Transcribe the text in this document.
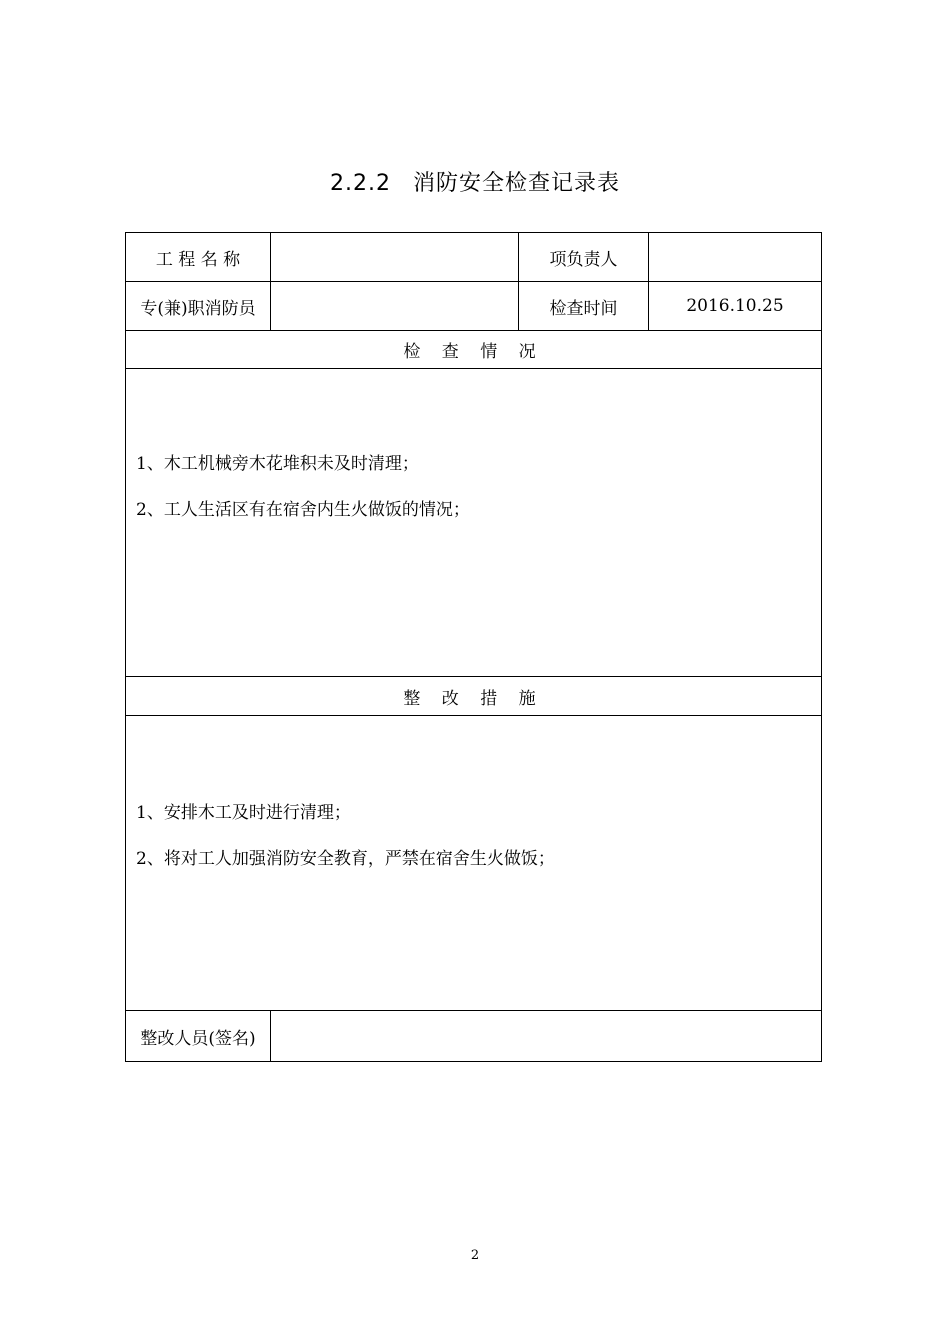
2.2.2 消防安全检查记录表
工 程 名 称		项负责人	
专(兼)职消防员		检查时间	2016.10.25
检 查 情 况			

1、木工机械旁木花堆积未及时清理；
2、工人生活区有在宿舍内生火做饭的情况；			

整 改 措 施			

1、安排木工及时进行清理；
2、将对工人加强消防安全教育，严禁在宿舍生火做饭；			

整改人员(签名)			
2
